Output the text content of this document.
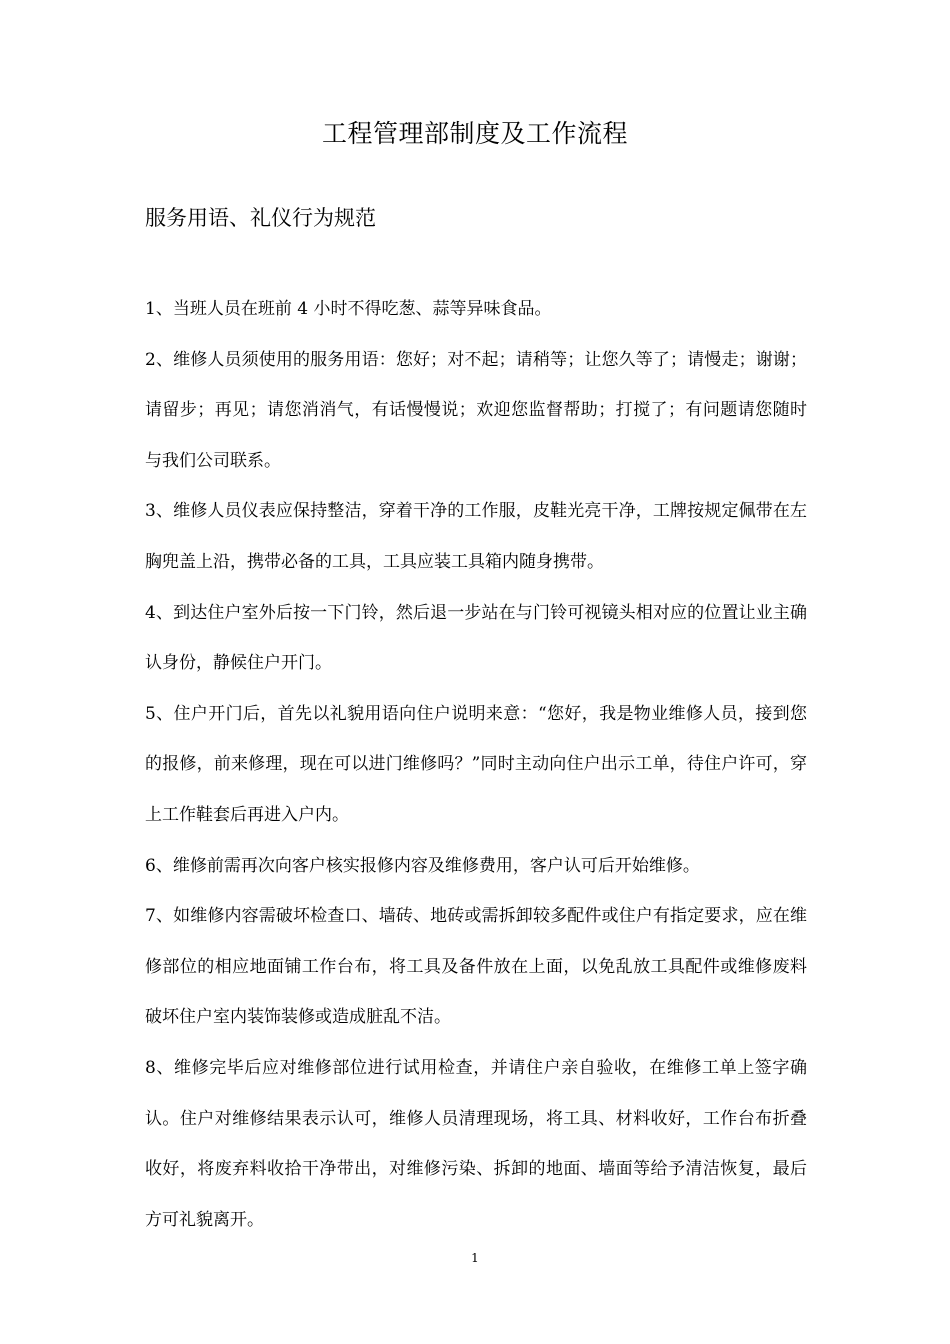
工程管理部制度及工作流程
服务用语、礼仪行为规范

1、当班人员在班前 4 小时不得吃葱、蒜等异味食品。

2、维修人员须使用的服务用语：您好；对不起；请稍等；让您久等了；请慢走；谢谢；请留步；再见；请您消消气，有话慢慢说；欢迎您监督帮助；打搅了；有问题请您随时与我们公司联系。

3、维修人员仪表应保持整洁，穿着干净的工作服，皮鞋光亮干净，工牌按规定佩带在左胸兜盖上沿，携带必备的工具，工具应装工具箱内随身携带。

4、到达住户室外后按一下门铃，然后退一步站在与门铃可视镜头相对应的位置让业主确认身份，静候住户开门。

5、住户开门后，首先以礼貌用语向住户说明来意：“您好，我是物业维修人员，接到您的报修，前来修理，现在可以进门维修吗？”同时主动向住户出示工单，待住户许可，穿上工作鞋套后再进入户内。

6、维修前需再次向客户核实报修内容及维修费用，客户认可后开始维修。

7、如维修内容需破坏检查口、墙砖、地砖或需拆卸较多配件或住户有指定要求，应在维修部位的相应地面铺工作台布，将工具及备件放在上面，以免乱放工具配件或维修废料破坏住户室内装饰装修或造成脏乱不洁。

8、维修完毕后应对维修部位进行试用检查，并请住户亲自验收，在维修工单上签字确认。住户对维修结果表示认可，维修人员清理现场，将工具、材料收好，工作台布折叠收好，将废弃料收拾干净带出，对维修污染、拆卸的地面、墙面等给予清洁恢复，最后方可礼貌离开。

1
